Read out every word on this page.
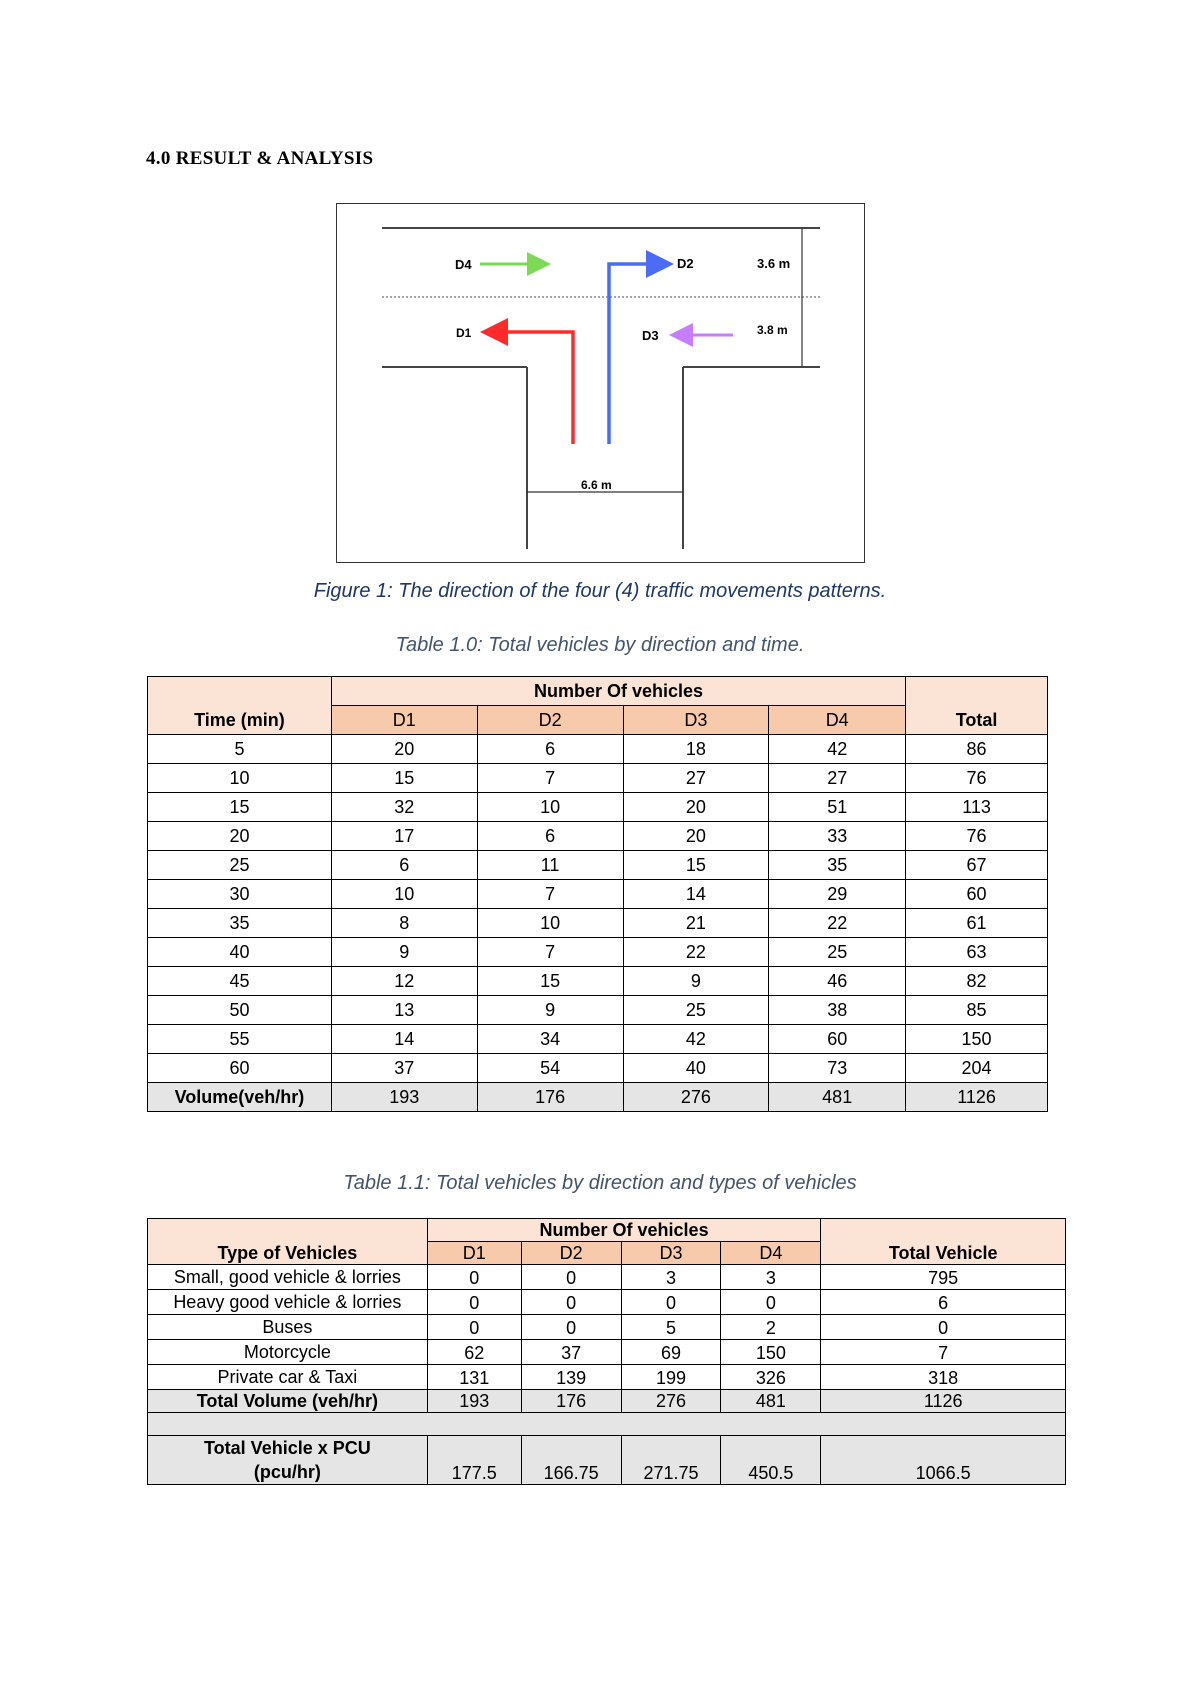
4.0 RESULT & ANALYSIS
D4	D2
D1	D3
3.6 m
3.8 m
6.6 m
Figure 1: The direction of the four (4) traffic movements patterns.
Table 1.0: Total vehicles by direction and time.
Time (min)	Number Of vehicles				Total
	D1	D2	D3	D4	
5	20	6	18	42	86
10	15	7	27	27	76
15	32	10	20	51	113
20	17	6	20	33	76
25	6	11	15	35	67
30	10	7	14	29	60
35	8	10	21	22	61
40	9	7	22	25	63
45	12	15	9	46	82
50	13	9	25	38	85
55	14	34	42	60	150
60	37	54	40	73	204
Volume(veh/hr)	193	176	276	481	1126
Table 1.1: Total vehicles by direction and types of vehicles
Type of Vehicles	Number Of vehicles				Total Vehicle
	D1	D2	D3	D4	
Small, good vehicle & lorries	0	0	3	3	795
Heavy good vehicle & lorries	0	0	0	0	6
Buses	0	0	5	2	0
Motorcycle	62	37	69	150	7
Private car & Taxi	131	139	199	326	318
Total Volume (veh/hr)	193	176	276	481	1126

Total Vehicle x PCU (pcu/hr)	177.5	166.75	271.75	450.5	1066.5
